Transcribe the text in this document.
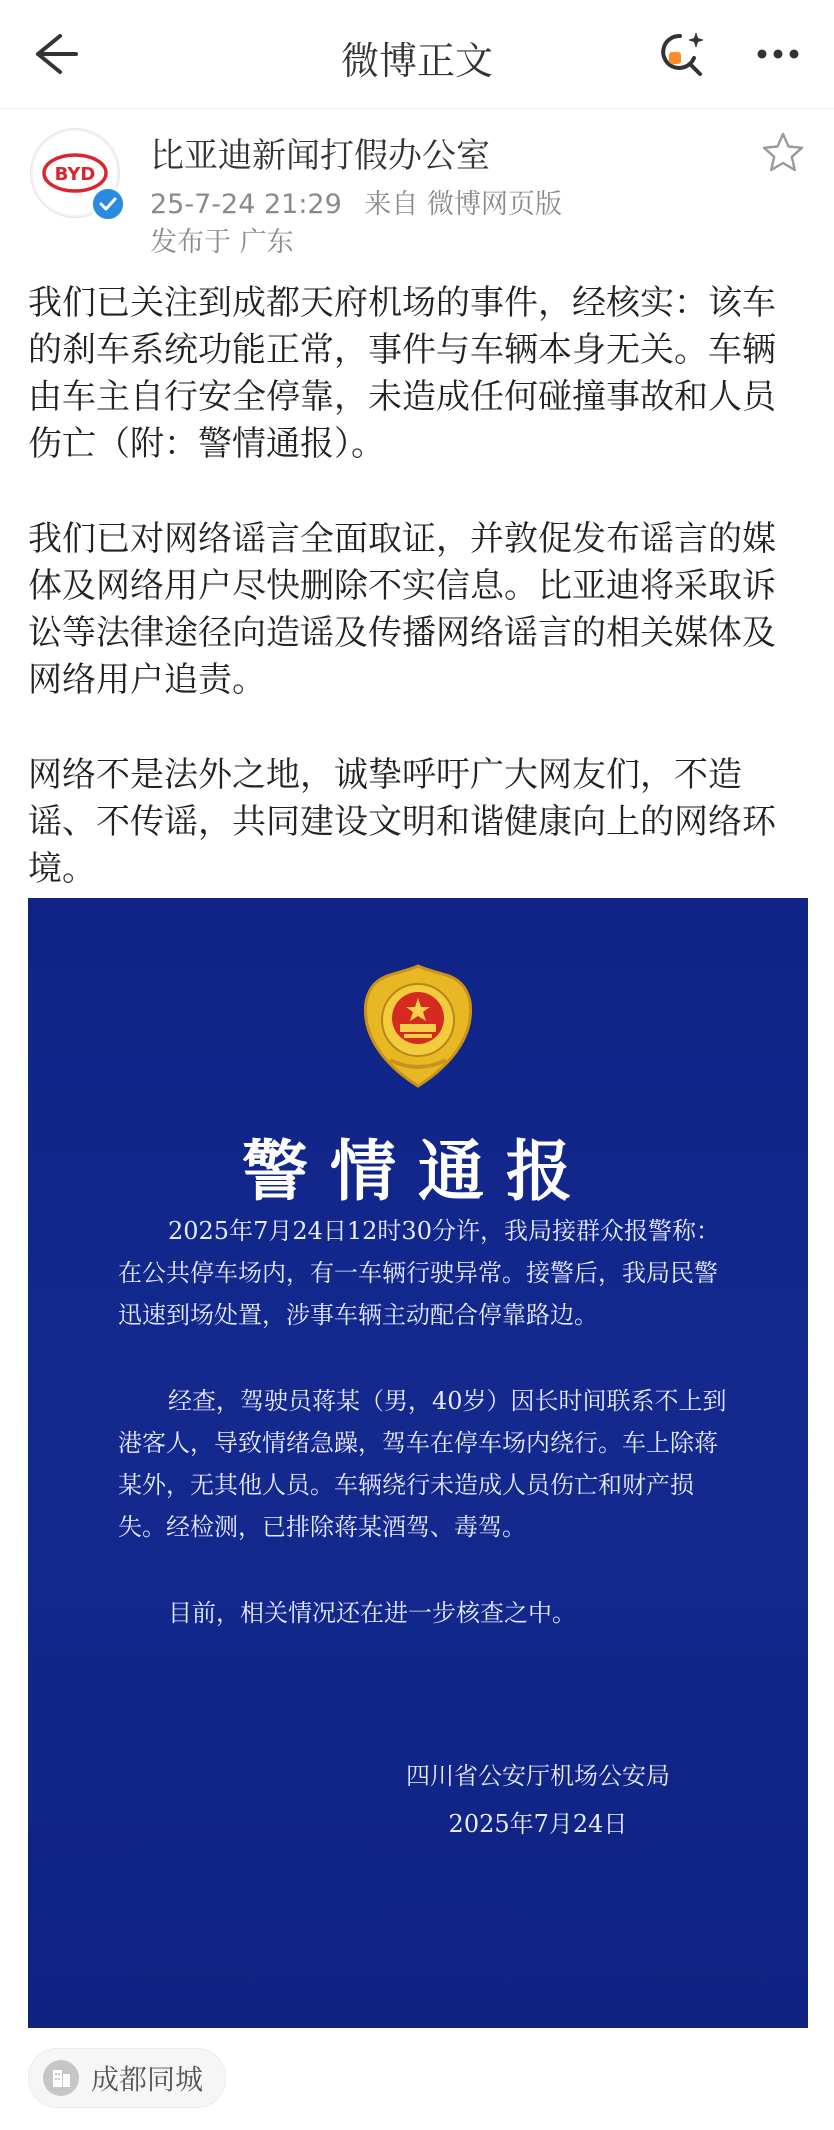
微博正文
BYD 比亚迪新闻打假办公室
25-7-24 21:29 来自 微博网页版
发布于 广东

我们已关注到成都天府机场的事件，经核实：该车的刹车系统功能正常，事件与车辆本身无关。车辆由车主自行安全停靠，未造成任何碰撞事故和人员伤亡（附：警情通报）。

我们已对网络谣言全面取证，并敦促发布谣言的媒体及网络用户尽快删除不实信息。比亚迪将采取诉讼等法律途径向造谣及传播网络谣言的相关媒体及网络用户追责。

网络不是法外之地，诚挚呼吁广大网友们，不造谣、不传谣，共同建设文明和谐健康向上的网络环境。

警情通报

2025年7月24日12时30分许，我局接群众报警称：在公共停车场内，有一车辆行驶异常。接警后，我局民警迅速到场处置，涉事车辆主动配合停靠路边。

经查，驾驶员蒋某（男，40岁）因长时间联系不上到港客人，导致情绪急躁，驾车在停车场内绕行。车上除蒋某外，无其他人员。车辆绕行未造成人员伤亡和财产损失。经检测，已排除蒋某酒驾、毒驾。

目前，相关情况还在进一步核查之中。

四川省公安厅机场公安局
2025年7月24日
成都同城
